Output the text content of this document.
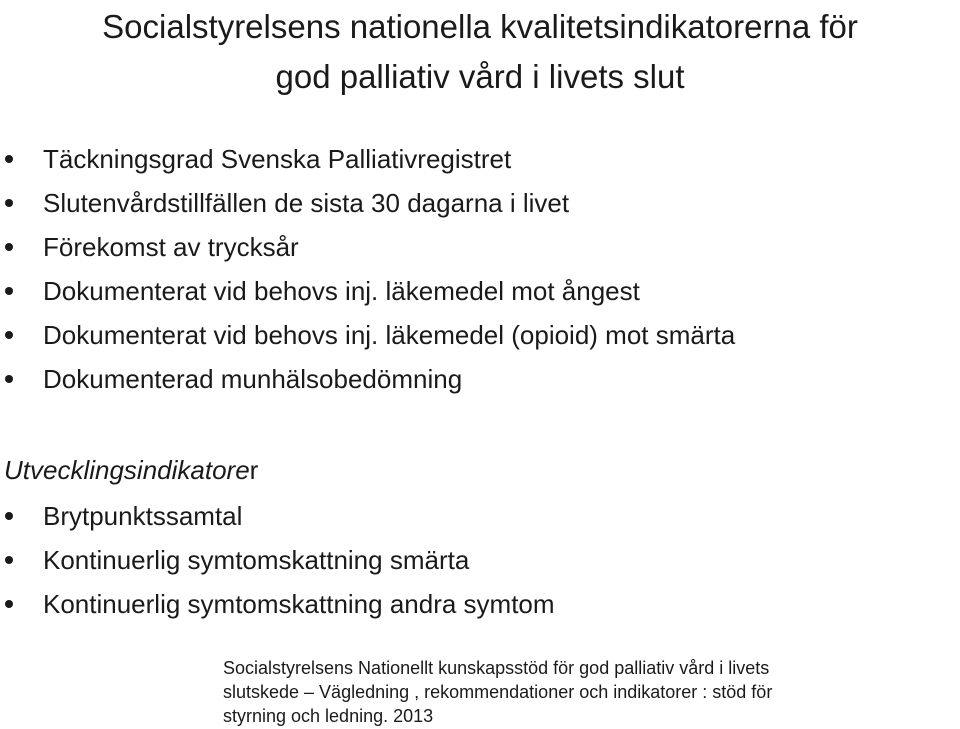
Socialstyrelsens nationella kvalitetsindikatorerna för
god palliativ vård i livets slut
Täckningsgrad Svenska Palliativregistret
Slutenvårdstillfällen de sista 30 dagarna i livet
Förekomst av trycksår
Dokumenterat vid behovs inj. läkemedel mot ångest
Dokumenterat vid behovs inj. läkemedel (opioid) mot smärta
Dokumenterad munhälsobedömning
Utvecklingsindikatorer
Brytpunktssamtal
Kontinuerlig symtomskattning smärta
Kontinuerlig symtomskattning andra symtom
Socialstyrelsens Nationellt kunskapsstöd för god palliativ vård i livets
slutskede – Vägledning , rekommendationer och indikatorer : stöd för
styrning och ledning. 2013
